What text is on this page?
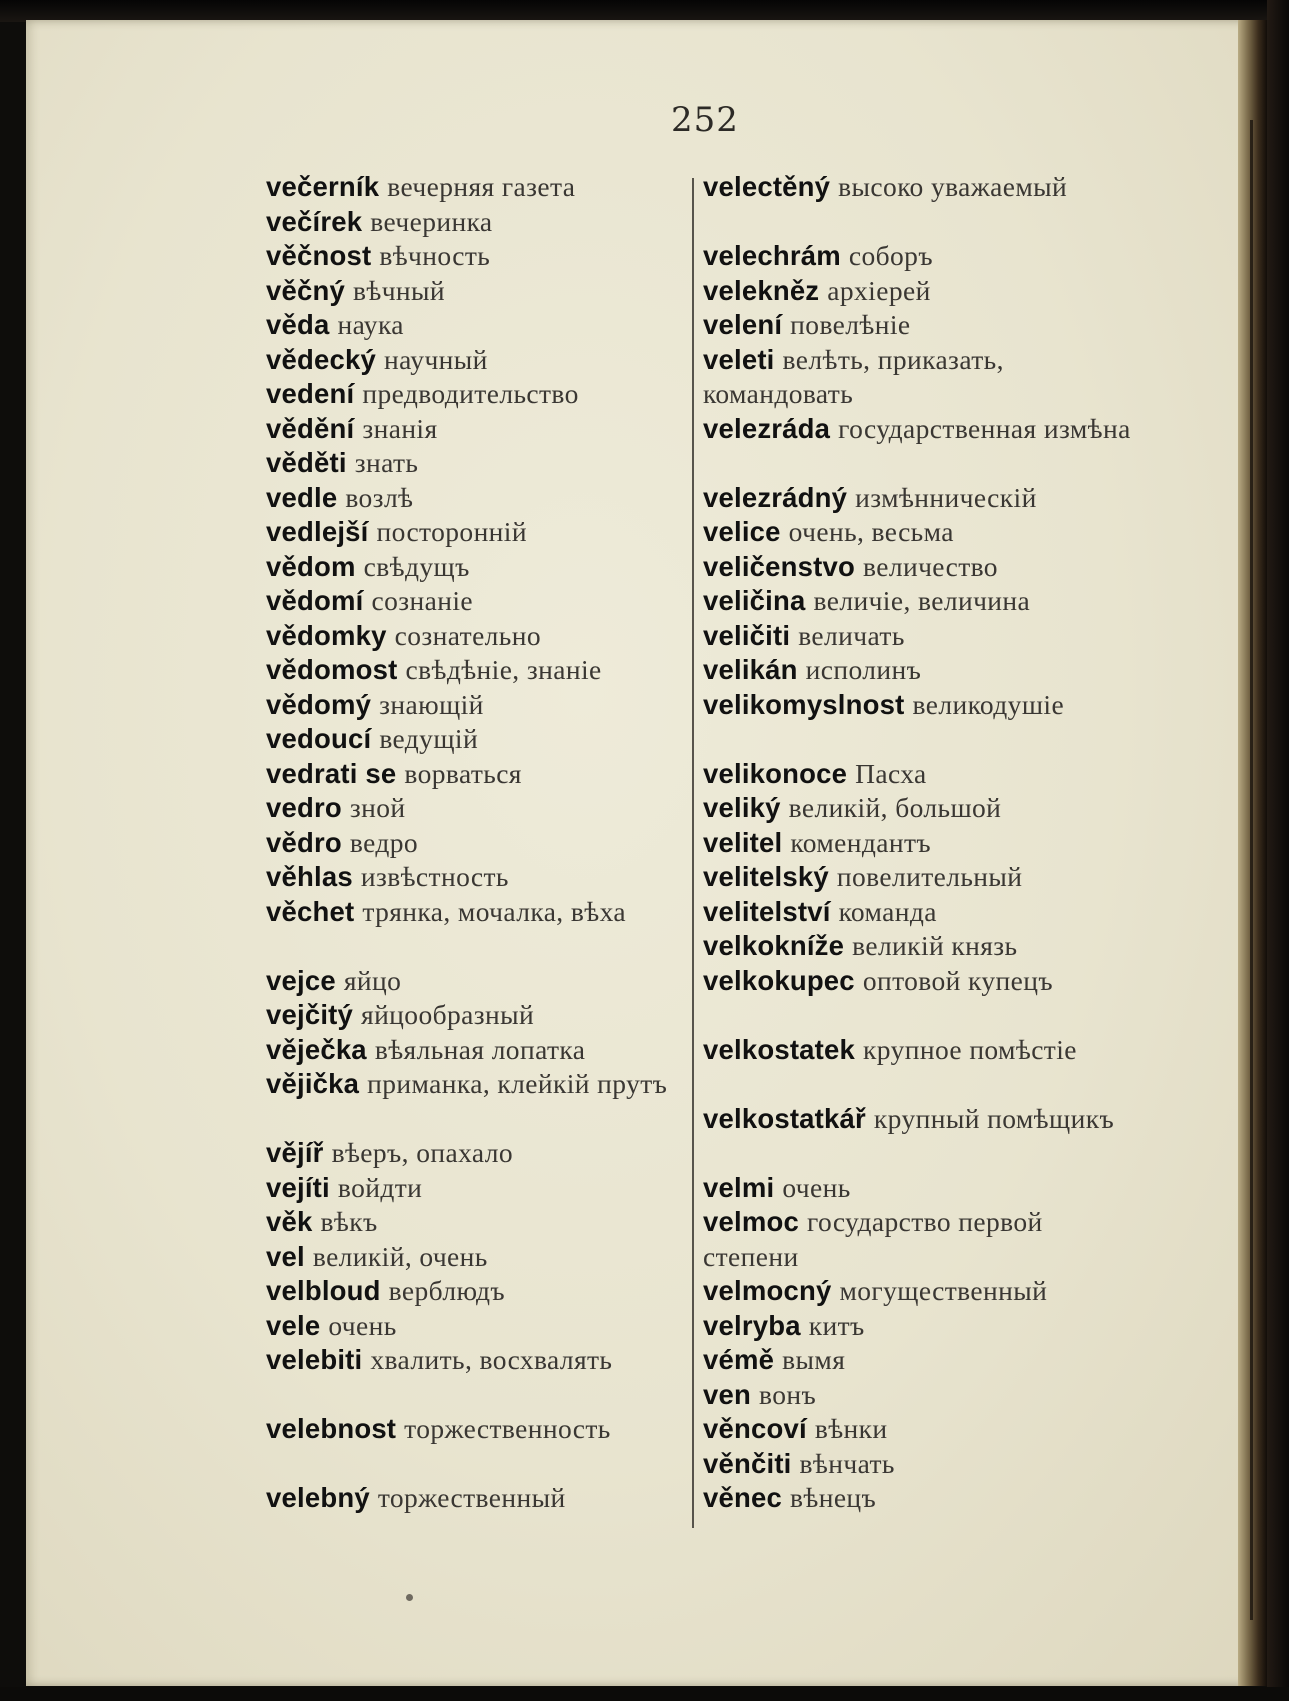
252
večerník вечерняя газета
večírek вечеринка
věčnost вѣчность
věčný вѣчный
věda наука
vědecký научный
vedení предводительство
vědění знанія
věděti знать
vedle возлѣ
vedlejší посторонній
vědom свѣдущъ
vědomí сознаніе
vědomky сознательно
vědomost свѣдѣніе, знаніе
vědomý знающій
vedoucí ведущій
vedrati se ворваться
vedro зной
vědro ведро
věhlas извѣстность
věchet трянка, мочалка, вѣха
vejce яйцо
vejčitý яйцообразный
věječka вѣяльная лопатка
vějička приманка, клейкій прутъ
vějíř вѣеръ, опахало
vejíti войдти
věk вѣкъ
vel великій, очень
velbloud верблюдъ
vele очень
velebiti хвалить, восхвалять
velebnost торжественность
velebný торжественный
velectěný высоко уважаемый
velechrám соборъ
velekněz архіерей
velení повелѣніе
veleti велѣть, приказать, командовать
velezráda государственная измѣна
velezrádný измѣнническій
velice очень, весьма
veličenstvo величество
veličina величіе, величина
veličiti величать
velikán исполинъ
velikomyslnost великодушіе
velikonoce Пасха
veliký великій, большой
velitel комендантъ
velitelský повелительный
velitelství команда
velkokníže великій князь
velkokupec оптовой купецъ
velkostatek крупное помѣстіе
velkostatkář крупный помѣщикъ
velmi очень
velmoc государство первой степени
velmocný могущественный
velryba китъ
vémě вымя
ven вонъ
věncoví вѣнки
věnčiti вѣнчать
věnec вѣнецъ
